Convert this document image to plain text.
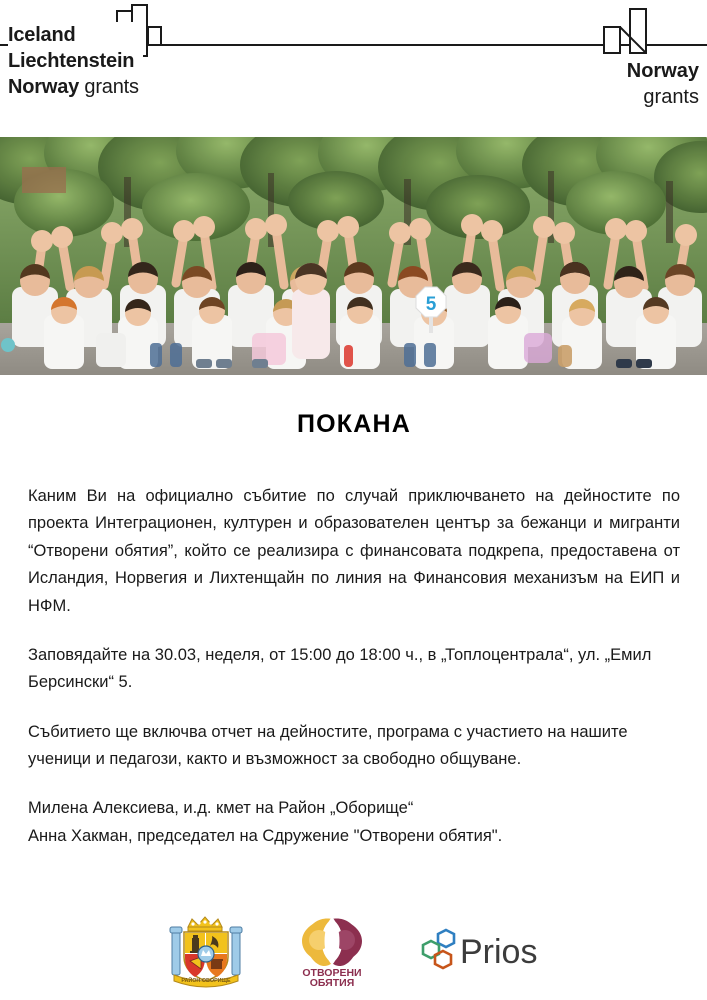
Iceland
Liechtenstein
Norway grants
Norway
grants
5
ПОКАНА

Каним Ви на официално събитие по случай приключването на дейностите по проекта Интеграционен, културен и образователен център за бежанци и мигранти “Отворени обятия”, който се реализира с финансовата подкрепа, предоставена от Исландия, Норвегия и Лихтенщайн по линия на Финансовия механизъм на ЕИП и НФМ.

Заповядайте на 30.03, неделя, от 15:00 до 18:00 ч., в „Топлоцентрала“, ул. „Емил Берсински“ 5.

Събитието ще включва отчет на дейностите, програма с участието на нашите ученици и педагози, както и възможност за свободно общуване.

Милена Алексиева, и.д. кмет на Район „Оборище“

Анна Хакман, председател на Сдружение "Отворени обятия".

РАЙОН ОБОРИЩЕ
ОТВОРЕНИ
ОБЯТИЯ
Prios
